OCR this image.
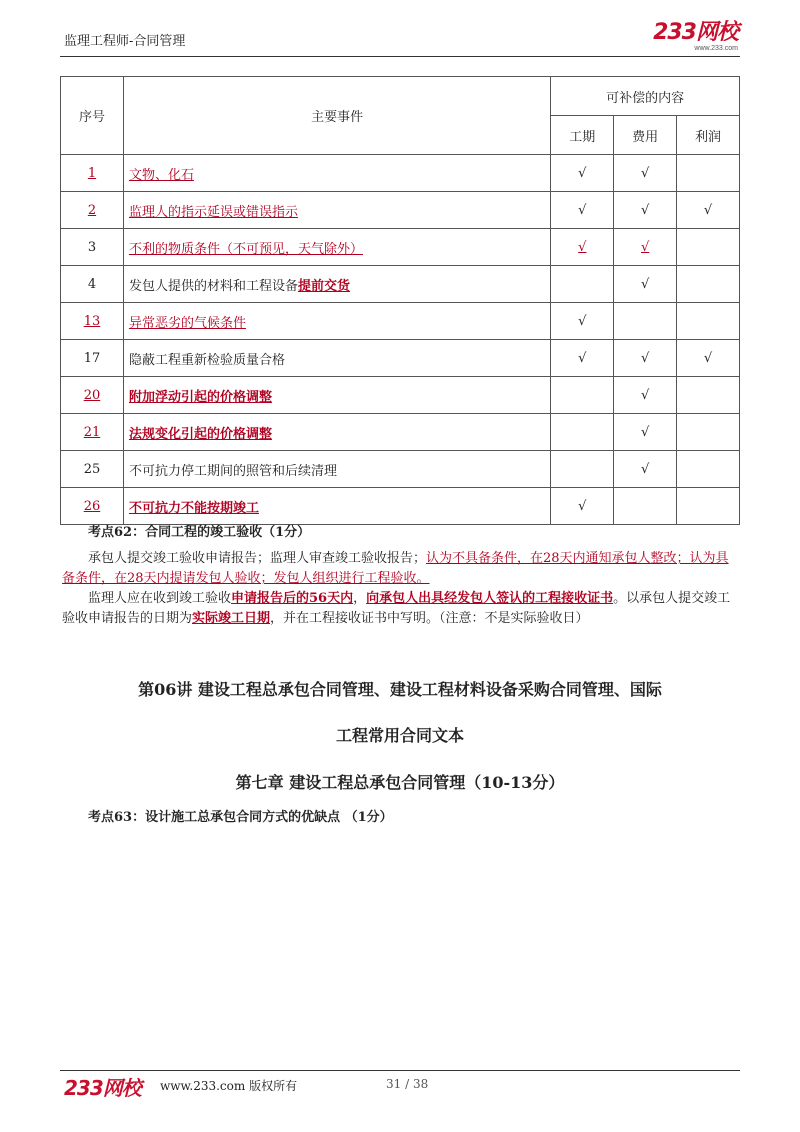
监理工程师-合同管理	233网校
www.233.com
序号	主要事件	可补偿的内容		
		工期	费用	利润
1	文物、化石	√	√	
2	监理人的指示延误或错误指示	√	√	√
3	不利的物质条件（不可预见，天气除外）	√	√	
4	发包人提供的材料和工程设备提前交货		√	
13	异常恶劣的气候条件	√		
17	隐蔽工程重新检验质量合格	√	√	√
20	附加浮动引起的价格调整		√	
21	法规变化引起的价格调整		√	
25	不可抗力停工期间的照管和后续清理		√	
26	不可抗力不能按期竣工	√		
考点62：合同工程的竣工验收（1分）
承包人提交竣工验收申请报告；监理人审查竣工验收报告；认为不具备条件，在28天内通知承包人整改；认为具备条件，在28天内提请发包人验收；发包人组织进行工程验收。
监理人应在收到竣工验收申请报告后的56天内，向承包人出具经发包人签认的工程接收证书。以承包人提交竣工验收申请报告的日期为实际竣工日期，并在工程接收证书中写明。（注意：不是实际验收日）
第06讲 建设工程总承包合同管理、建设工程材料设备采购合同管理、国际
工程常用合同文本
第七章 建设工程总承包合同管理（10-13分）
考点63：设计施工总承包合同方式的优缺点 （1分）
233网校 www.233.com 版权所有	31 / 38
